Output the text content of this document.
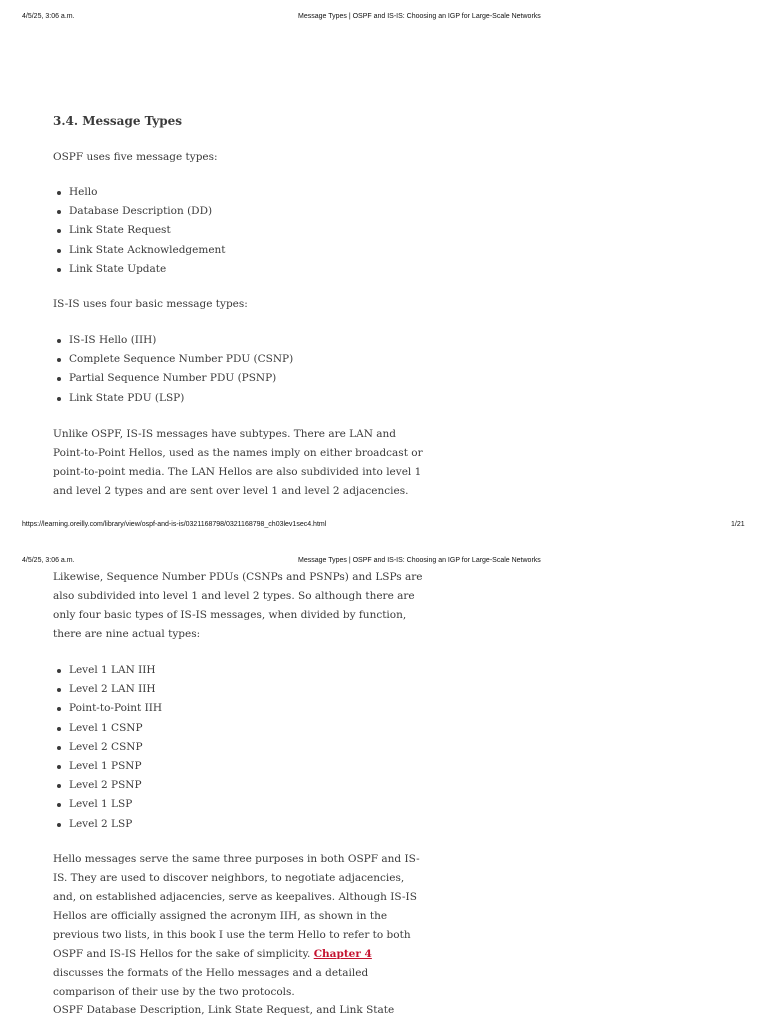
4/5/25, 3:06 a.m.	Message Types | OSPF and IS-IS: Choosing an IGP for Large-Scale Networks
3.4. Message Types

OSPF uses five message types:

Hello
Database Description (DD)
Link State Request
Link State Acknowledgement
Link State Update

IS-IS uses four basic message types:

IS-IS Hello (IIH)
Complete Sequence Number PDU (CSNP)
Partial Sequence Number PDU (PSNP)
Link State PDU (LSP)

Unlike OSPF, IS-IS messages have subtypes. There are LAN and Point-to-Point Hellos, used as the names imply on either broadcast or point-to-point media. The LAN Hellos are also subdivided into level 1 and level 2 types and are sent over level 1 and level 2 adjacencies.

https://learning.oreilly.com/library/view/ospf-and-is-is/0321168798/0321168798_ch03lev1sec4.html	1/21
4/5/25, 3:06 a.m.	Message Types | OSPF and IS-IS: Choosing an IGP for Large-Scale Networks

Likewise, Sequence Number PDUs (CSNPs and PSNPs) and LSPs are also subdivided into level 1 and level 2 types. So although there are only four basic types of IS-IS messages, when divided by function, there are nine actual types:

Level 1 LAN IIH
Level 2 LAN IIH
Point-to-Point IIH
Level 1 CSNP
Level 2 CSNP
Level 1 PSNP
Level 2 PSNP
Level 1 LSP
Level 2 LSP

Hello messages serve the same three purposes in both OSPF and IS-IS. They are used to discover neighbors, to negotiate adjacencies, and, on established adjacencies, serve as keepalives. Although IS-IS Hellos are officially assigned the acronym IIH, as shown in the previous two lists, in this book I use the term Hello to refer to both OSPF and IS-IS Hellos for the sake of simplicity. Chapter 4 discusses the formats of the Hello messages and a detailed comparison of their use by the two protocols.

OSPF Database Description, Link State Request, and Link State
